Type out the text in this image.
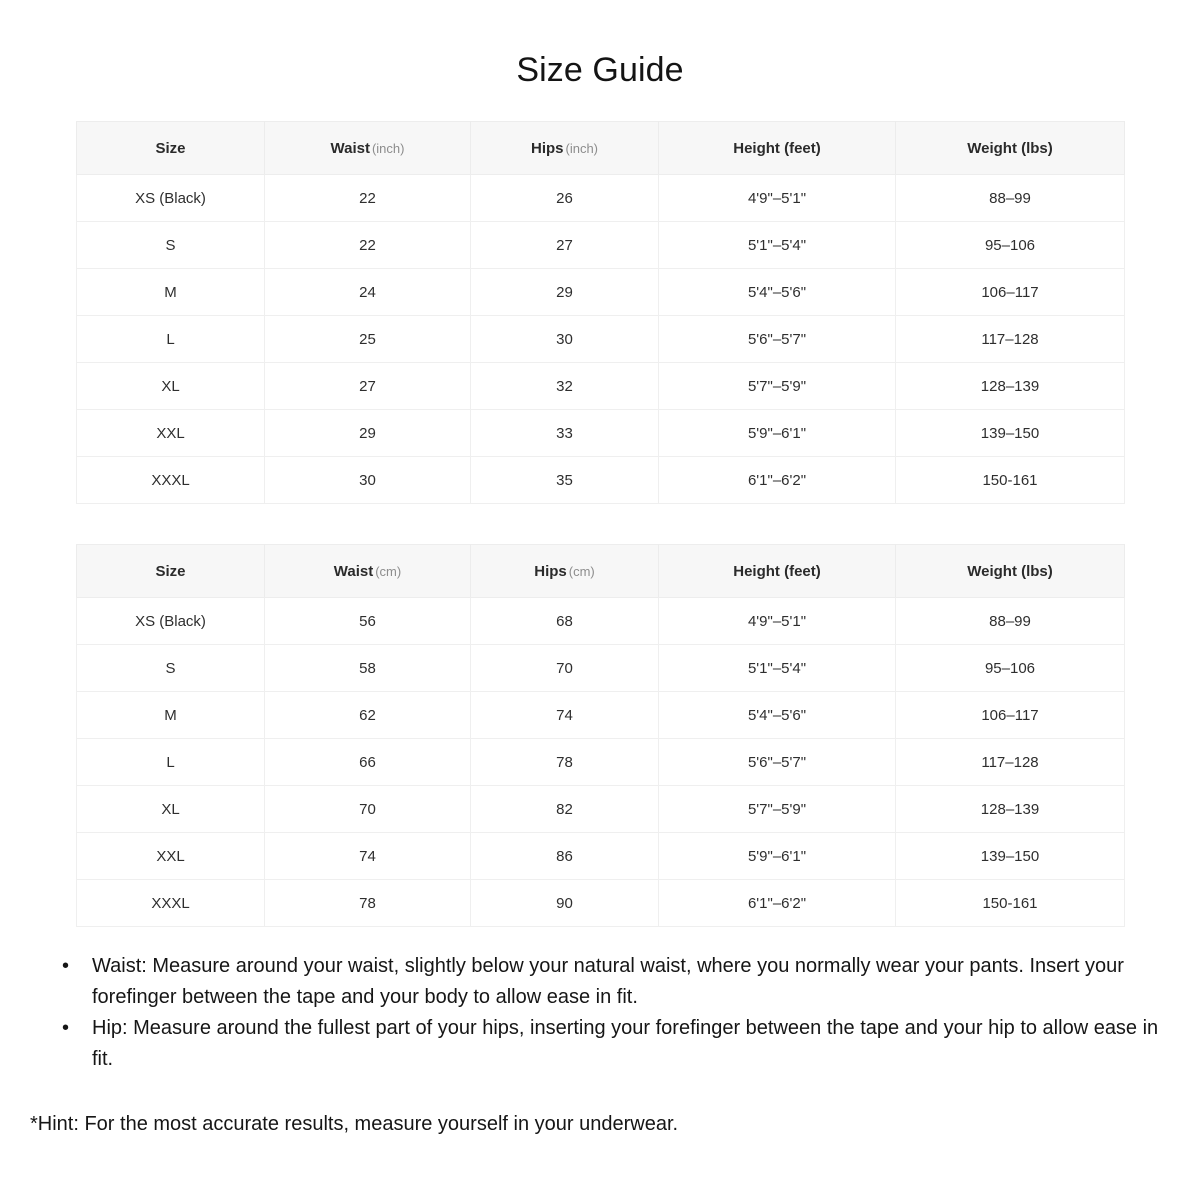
Size Guide
Size	Waist (inch)	Hips (inch)	Height (feet)	Weight (lbs)
XS (Black)	22	26	4'9"–5'1"	88–99
S	22	27	5'1"–5'4"	95–106
M	24	29	5'4"–5'6"	106–117
L	25	30	5'6"–5'7"	117–128
XL	27	32	5'7"–5'9"	128–139
XXL	29	33	5'9"–6'1"	139–150
XXXL	30	35	6'1"–6'2"	150-161
Size	Waist (cm)	Hips (cm)	Height (feet)	Weight (lbs)
XS (Black)	56	68	4'9"–5'1"	88–99
S	58	70	5'1"–5'4"	95–106
M	62	74	5'4"–5'6"	106–117
L	66	78	5'6"–5'7"	117–128
XL	70	82	5'7"–5'9"	128–139
XXL	74	86	5'9"–6'1"	139–150
XXXL	78	90	6'1"–6'2"	150-161
• Waist: Measure around your waist, slightly below your natural waist, where you normally wear your pants. Insert your forefinger between the tape and your body to allow ease in fit.
• Hip: Measure around the fullest part of your hips, inserting your forefinger between the tape and your hip to allow ease in fit.

*Hint: For the most accurate results, measure yourself in your underwear.
